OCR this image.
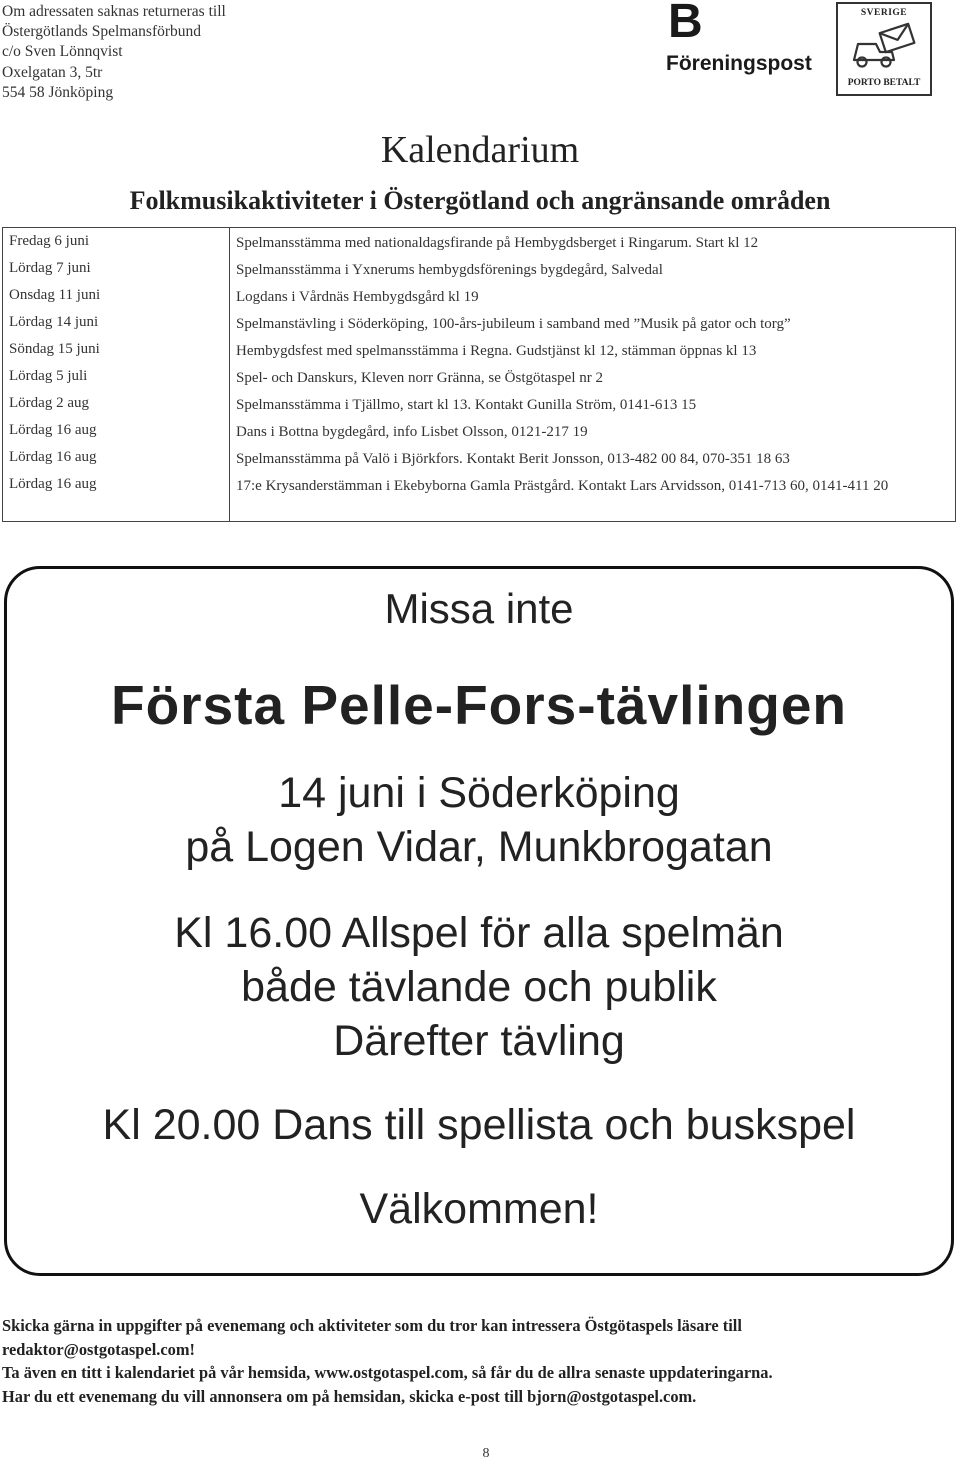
Om adressaten saknas returneras till
Östergötlands Spelmansförbund
c/o Sven Lönnqvist
Oxelgatan 3, 5tr
554 58 Jönköping
B
Föreningspost
SVERIGE
PORTO BETALT
Kalendarium
Folkmusikaktiviteter i Östergötland och angränsande områden
Fredag 6 juni	Spelmansstämma med nationaldagsfirande på Hembygdsberget i Ringarum. Start kl 12
Lördag 7 juni	Spelmansstämma i Yxnerums hembygdsförenings bygdegård, Salvedal
Onsdag 11 juni	Logdans i Vårdnäs Hembygdsgård kl 19
Lördag 14 juni	Spelmanstävling i Söderköping, 100-års-jubileum i samband med ”Musik på gator och torg”
Söndag 15 juni	Hembygdsfest med spelmansstämma i Regna. Gudstjänst kl 12, stämman öppnas kl 13
Lördag 5 juli	Spel- och Danskurs, Kleven norr Gränna, se Östgötaspel nr 2
Lördag 2 aug	Spelmansstämma i Tjällmo, start kl 13. Kontakt Gunilla Ström, 0141-613 15
Lördag 16 aug	Dans i Bottna bygdegård, info Lisbet Olsson, 0121-217 19
Lördag 16 aug	Spelmansstämma på Valö i Björkfors. Kontakt Berit Jonsson, 013-482 00 84, 070-351 18 63
Lördag 16 aug	17:e Krysanderstämman i Ekebyborna Gamla Prästgård. Kontakt Lars Arvidsson, 0141-713 60, 0141-411 20
Missa inte
Första Pelle-Fors-tävlingen
14 juni i Söderköping
på Logen Vidar, Munkbrogatan
Kl 16.00 Allspel för alla spelmän
både tävlande och publik
Därefter tävling
Kl 20.00 Dans till spellista och buskspel
Välkommen!
Skicka gärna in uppgifter på evenemang och aktiviteter som du tror kan intressera Östgötaspels läsare till
redaktor@ostgotaspel.com!
Ta även en titt i kalendariet på vår hemsida, www.ostgotaspel.com, så får du de allra senaste uppdateringarna.
Har du ett evenemang du vill annonsera om på hemsidan, skicka e-post till bjorn@ostgotaspel.com.
8
